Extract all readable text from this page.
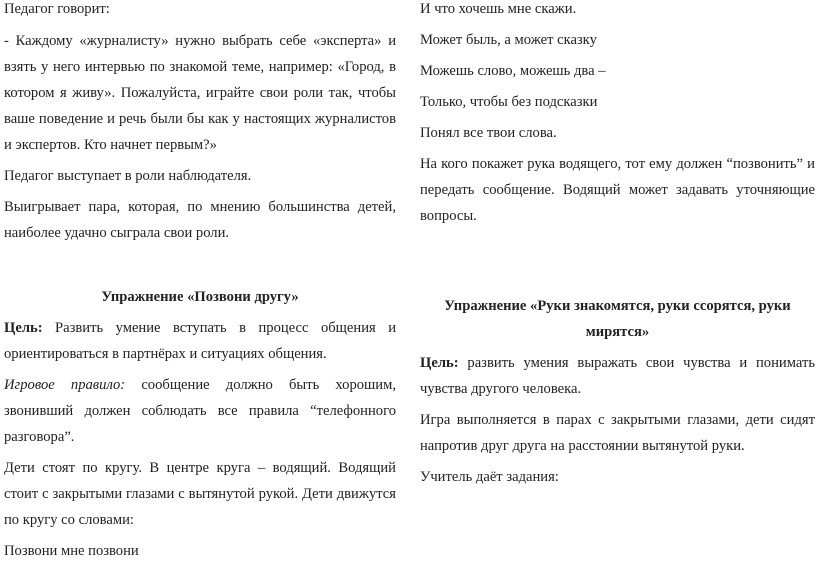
Педагог говорит:

- Каждому «журналисту» нужно выбрать себе «эксперта» и взять у него интервью по знакомой теме, например: «Город, в котором я живу». Пожалуйста, играйте свои роли так, чтобы ваше поведение и речь были бы как у настоящих журналистов и экспертов. Кто начнет первым?»

Педагог выступает в роли наблюдателя.

Выигрывает пара, которая, по мнению большинства детей, наиболее удачно сыграла свои роли.

Упражнение «Позвони другу»

Цель: Развить умение вступать в процесс общения и ориентироваться в партнёрах и ситуациях общения.

Игровое правило: сообщение должно быть хорошим, звонивший должен соблюдать все правила “телефонного разговора”.

Дети стоят по кругу. В центре круга – водящий. Водящий стоит с закрытыми глазами с вытянутой рукой. Дети движутся по кругу со словами:

Позвони мне позвони

И что хочешь мне скажи.

Может быль, а может сказку

Можешь слово, можешь два –

Только, чтобы без подсказки

Понял все твои слова.

На кого покажет рука водящего, тот ему должен “позвонить” и передать сообщение. Водящий может задавать уточняющие вопросы.

Упражнение «Руки знакомятся, руки ссорятся, руки мирятся»

Цель: развить умения выражать свои чувства и понимать чувства другого человека.

Игра выполняется в парах с закрытыми глазами, дети сидят напротив друг друга на расстоянии вытянутой руки.

Учитель даёт задания:
